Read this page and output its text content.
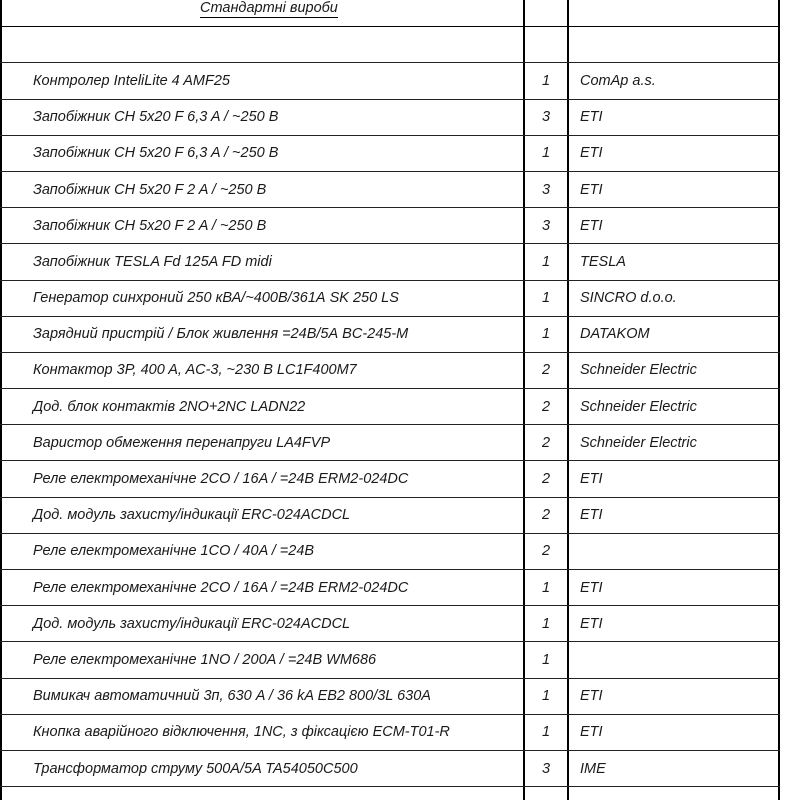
Стандартні вироби
Контролер InteliLite 4 AMF25	1	ComAp a.s.
Запобіжник CH 5x20 F 6,3 A / ~250 B	3	ETI
Запобіжник CH 5x20 F 6,3 A / ~250 B	1	ETI
Запобіжник CH 5x20 F 2 A / ~250 B	3	ETI
Запобіжник CH 5x20 F 2 A / ~250 B	3	ETI
Запобіжник TESLA Fd 125A FD midi	1	TESLA
Генератор синхроний 250 кВА/~400В/361А SK 250 LS	1	SINCRO d.o.o.
Зарядний пристрій / Блок живлення =24В/5А BC-245-M	1	DATAKOM
Контактор 3P, 400 A, AC-3, ~230 B LC1F400M7	2	Schneider Electric
Дод. блок контактів 2NO+2NC LADN22	2	Schneider Electric
Варистор обмеження перенапруги LA4FVP	2	Schneider Electric
Реле електромеханічне 2CO / 16A / =24B ERM2-024DC	2	ETI
Дод. модуль захисту/індикації ERC-024ACDCL	2	ETI
Реле електромеханічне 1CO / 40A / =24B	2
Реле електромеханічне 2CO / 16A / =24B ERM2-024DC	1	ETI
Дод. модуль захисту/індикації ERC-024ACDCL	1	ETI
Реле електромеханічне 1NO / 200A / =24B WM686	1
Вимикач автоматичний 3п, 630 A / 36 kA EB2 800/3L 630A	1	ETI
Кнопка аварійного відключення, 1NC, з фіксацією ECM-T01-R	1	ETI
Трансформатор струму 500A/5A TA54050C500	3	IME
